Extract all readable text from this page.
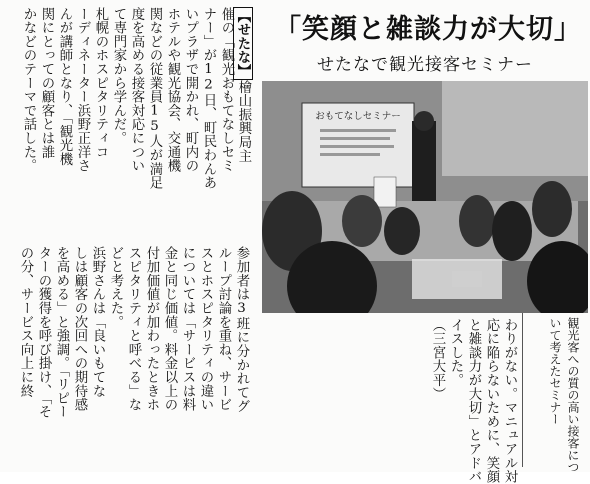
「笑顔と雑談力が大切」
せたなで観光接客セミナー
【せたな】檜山振興局主
催の「観光おもてなしセミ
ナー」が12日、町民わんあ
いプラザで開かれ、町内の
ホテルや観光協会、交通機
関などの従業員15人が満足
度を高める接客対応につい
て専門家から学んだ。
札幌のホスピタリティコ
ーディネーター浜野正洋さ
んが講師となり、「観光機
関にとっての顧客とは誰
かなどのテーマで話した。
参加者は3班に分かれてグ
ループ討論を重ね、サービ
スとホスピタリティの違い
については「サービスは料
金と同じ価値。料金以上の
付加価値が加わったときホ
スピタリティと呼べる」な
どと考えた。
浜野さんは「良いもてな
しは顧客の次回への期待感
を高める」と強調。「リピー
ターの獲得を呼び掛け、「そ
の分、サービス向上に終	わりがない。マニュアル対
応に陥らないために、笑顔
と雑談力が大切」とアドバ
イスした。
（三宮大平）
おもてなしセミナー
観光客への質の高い接客につ
いて考えたセミナー
